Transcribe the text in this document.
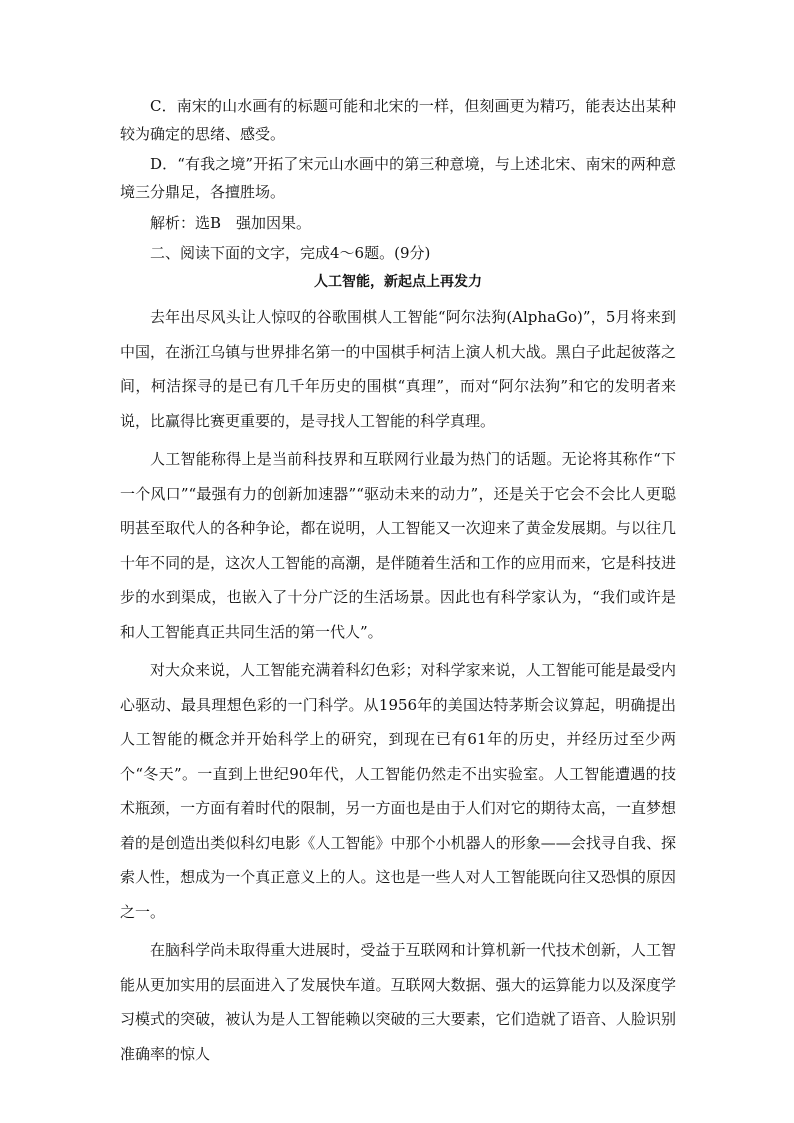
C．南宋的山水画有的标题可能和北宋的一样，但刻画更为精巧，能表达出某种较为确定的思绪、感受。

D．“有我之境”开拓了宋元山水画中的第三种意境，与上述北宋、南宋的两种意境三分鼎足，各擅胜场。

解析：选B　强加因果。

二、阅读下面的文字，完成4～6题。(9分)

人工智能，新起点上再发力

去年出尽风头让人惊叹的谷歌围棋人工智能“阿尔法狗(AlphaGo)”，5月将来到中国，在浙江乌镇与世界排名第一的中国棋手柯洁上演人机大战。黑白子此起彼落之间，柯洁探寻的是已有几千年历史的围棋“真理”，而对“阿尔法狗”和它的发明者来说，比赢得比赛更重要的，是寻找人工智能的科学真理。

人工智能称得上是当前科技界和互联网行业最为热门的话题。无论将其称作“下一个风口”“最强有力的创新加速器”“驱动未来的动力”，还是关于它会不会比人更聪明甚至取代人的各种争论，都在说明，人工智能又一次迎来了黄金发展期。与以往几十年不同的是，这次人工智能的高潮，是伴随着生活和工作的应用而来，它是科技进步的水到渠成，也嵌入了十分广泛的生活场景。因此也有科学家认为，“我们或许是和人工智能真正共同生活的第一代人”。

对大众来说，人工智能充满着科幻色彩；对科学家来说，人工智能可能是最受内心驱动、最具理想色彩的一门科学。从1956年的美国达特茅斯会议算起，明确提出人工智能的概念并开始科学上的研究，到现在已有61年的历史，并经历过至少两个“冬天”。一直到上世纪90年代，人工智能仍然走不出实验室。人工智能遭遇的技术瓶颈，一方面有着时代的限制，另一方面也是由于人们对它的期待太高，一直梦想着的是创造出类似科幻电影《人工智能》中那个小机器人的形象——会找寻自我、探索人性，想成为一个真正意义上的人。这也是一些人对人工智能既向往又恐惧的原因之一。

在脑科学尚未取得重大进展时，受益于互联网和计算机新一代技术创新，人工智能从更加实用的层面进入了发展快车道。互联网大数据、强大的运算能力以及深度学习模式的突破，被认为是人工智能赖以突破的三大要素，它们造就了语音、人脸识别准确率的惊人
